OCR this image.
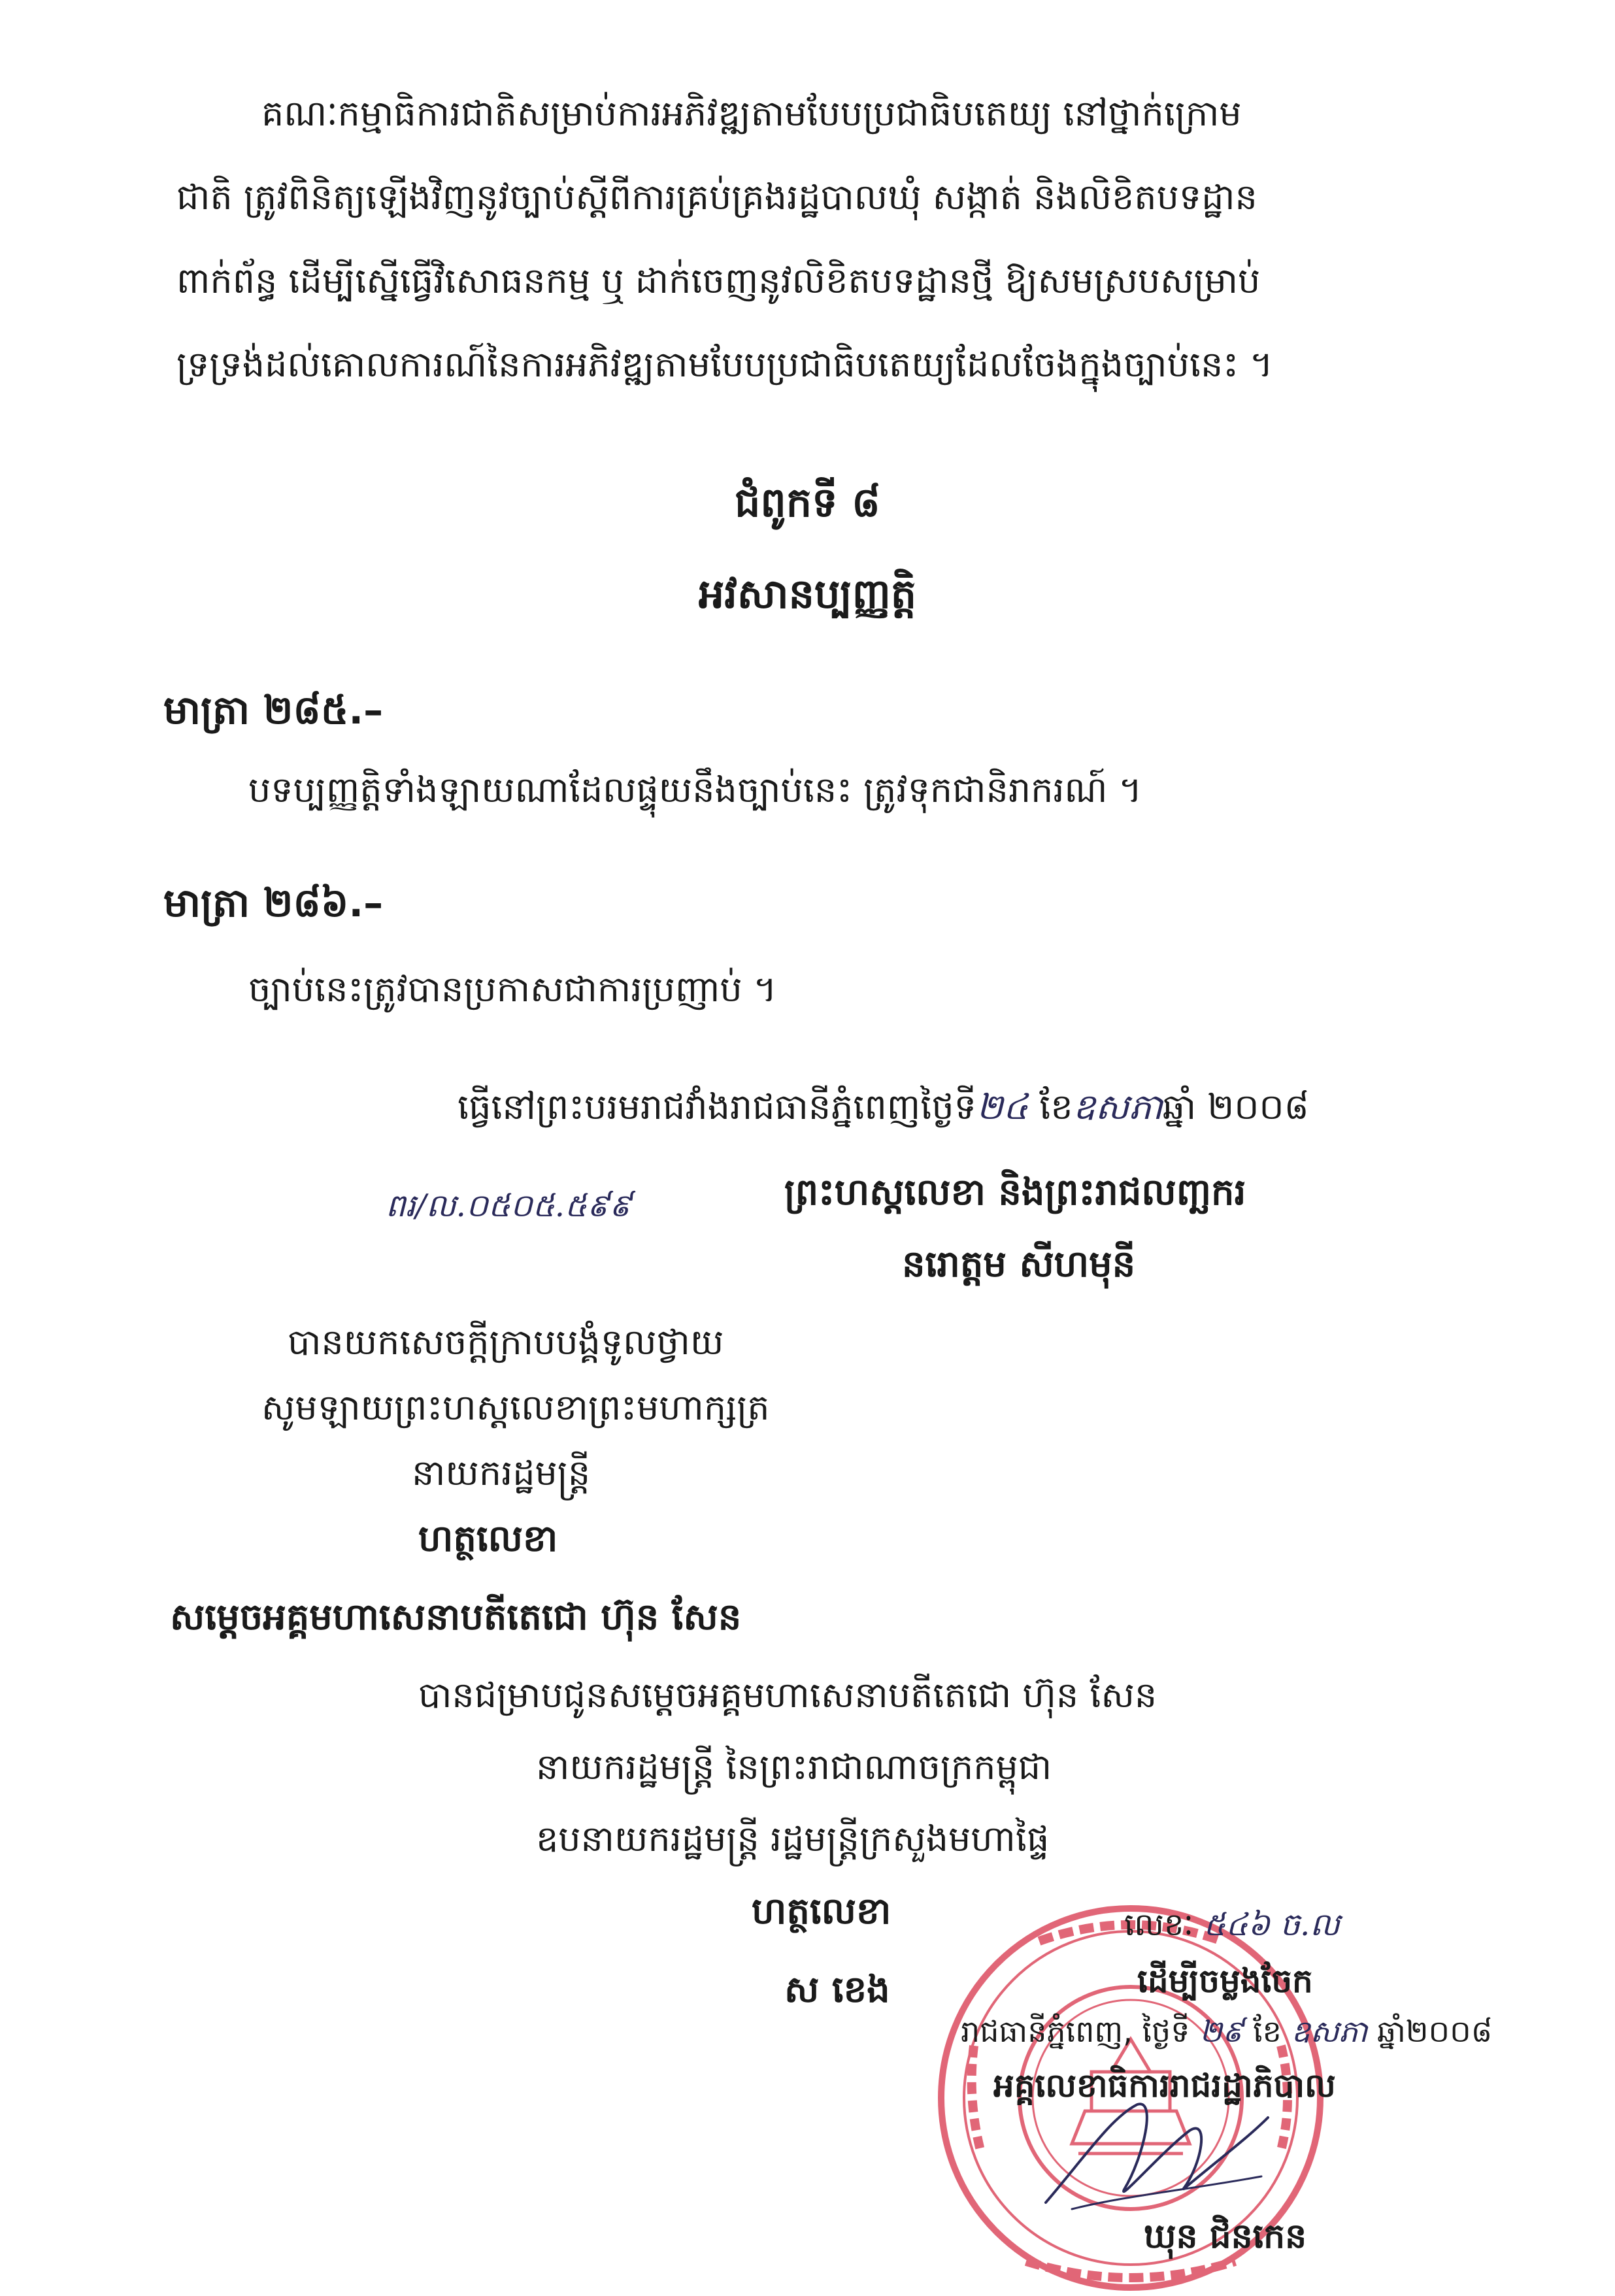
គណៈកម្មាធិការជាតិសម្រាប់ការអភិវឌ្ឍតាមបែបប្រជាធិបតេយ្យ នៅថ្នាក់ក្រោម
ជាតិ ត្រូវពិនិត្យឡើងវិញនូវច្បាប់ស្ដីពីការគ្រប់គ្រងរដ្ឋបាលឃុំ សង្កាត់ និងលិខិតបទដ្ឋាន
ពាក់ព័ន្ធ ដើម្បីស្នើធ្វើវិសោធនកម្ម ឬ ដាក់ចេញនូវលិខិតបទដ្ឋានថ្មី ឱ្យសមស្របសម្រាប់
ទ្រទ្រង់ដល់គោលការណ៍នៃការអភិវឌ្ឍតាមបែបប្រជាធិបតេយ្យដែលចែងក្នុងច្បាប់នេះ ។
ជំពូកទី ៨
អវសានប្បញ្ញត្តិ
មាត្រា ២៨៥.–
បទប្បញ្ញត្តិទាំងឡាយណាដែលផ្ទុយនឹងច្បាប់នេះ ត្រូវទុកជានិរាករណ៍ ។
មាត្រា ២៨៦.–
ច្បាប់នេះត្រូវបានប្រកាសជាការប្រញាប់ ។
ធ្វើនៅព្រះបរមរាជវាំងរាជធានីភ្នំពេញថ្ងៃទី២៤ ខែឧសភាឆ្នាំ ២០០៨
ពរ/ល.០៥០៥.៥៩៩	ព្រះហស្តលេខា និងព្រះរាជលញ្ឆករ
នរោត្តម សីហមុនី
បានយកសេចក្ដីក្រាបបង្គំទូលថ្វាយ
សូមឡាយព្រះហស្តលេខាព្រះមហាក្សត្រ
នាយករដ្ឋមន្ត្រី
ហត្ថលេខា
សម្ដេចអគ្គមហាសេនាបតីតេជោ ហ៊ុន សែន
បានជម្រាបជូនសម្ដេចអគ្គមហាសេនាបតីតេជោ ហ៊ុន សែន
នាយករដ្ឋមន្ត្រី នៃព្រះរាជាណាចក្រកម្ពុជា
ឧបនាយករដ្ឋមន្ត្រី រដ្ឋមន្ត្រីក្រសួងមហាផ្ទៃ
ហត្ថលេខា
ស ខេង
លេខៈ ៥៤៦ ច.ល
ដើម្បីចម្លងចែក
រាជធានីភ្នំពេញ, ថ្ងៃទី ២៩ ខែ ឧសភា ឆ្នាំ២០០៨
អគ្គលេខាធិការរាជរដ្ឋាភិបាល
ឃុន ជិនកេន
